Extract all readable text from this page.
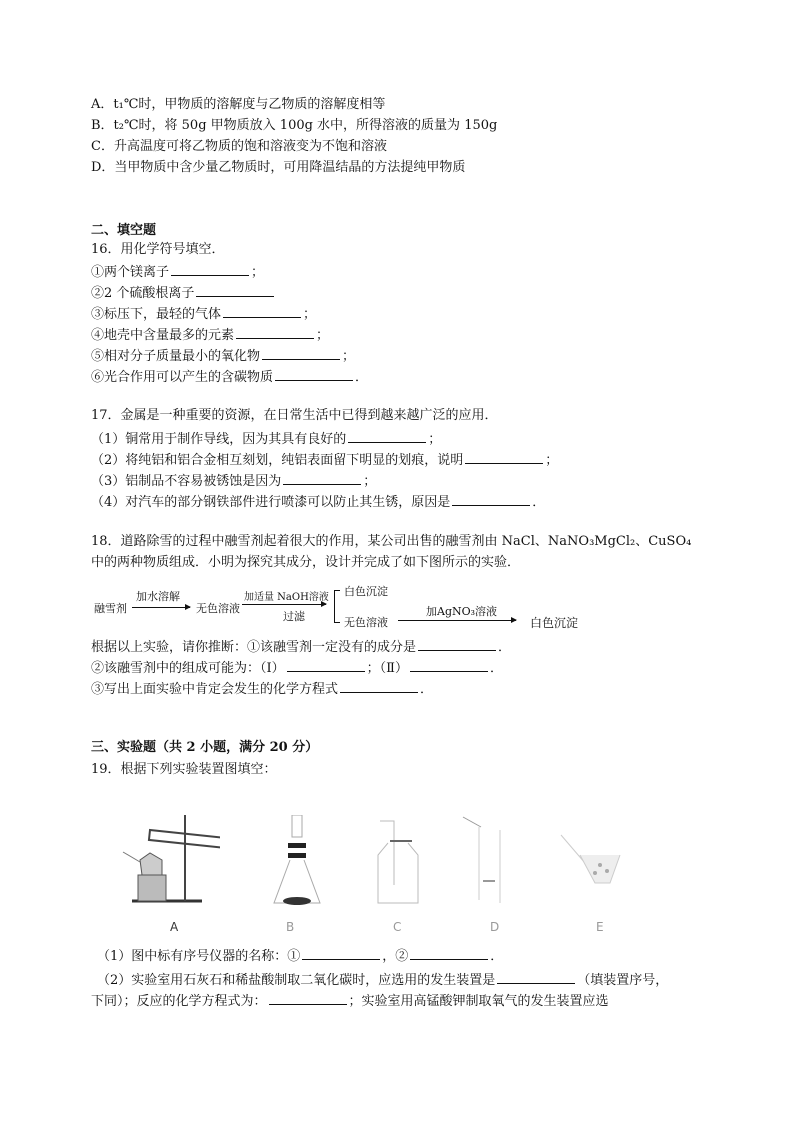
A．t₁℃时，甲物质的溶解度与乙物质的溶解度相等
B．t₂℃时，将 50g 甲物质放入 100g 水中，所得溶液的质量为 150g
C．升高温度可将乙物质的饱和溶液变为不饱和溶液
D．当甲物质中含少量乙物质时，可用降温结晶的方法提纯甲物质
二、填空题
16．用化学符号填空．
①两个镁离子	；
②2 个硫酸根离子
③标压下，最轻的气体	；
④地壳中含量最多的元素	；
⑤相对分子质量最小的氧化物	；
⑥光合作用可以产生的含碳物质	．
17．金属是一种重要的资源，在日常生活中已得到越来越广泛的应用．
（1）铜常用于制作导线，因为其具有良好的	；
（2）将纯铝和铝合金相互刻划，纯铝表面留下明显的划痕，说明	；
（3）铝制品不容易被锈蚀是因为	；
（4）对汽车的部分钢铁部件进行喷漆可以防止其生锈，原因是	．
18．道路除雪的过程中融雪剂起着很大的作用，某公司出售的融雪剂由 NaCl、NaNO₃MgCl₂、CuSO₄
中的两种物质组成．小明为探究其成分，设计并完成了如下图所示的实验．
融雪剂
加水溶解
无色溶液
加适量 NaOH溶液
过滤
白色沉淀
无色溶液
加AgNO₃溶液
白色沉淀
根据以上实验，请你推断：①该融雪剂一定没有的成分是	．
②该融雪剂中的组成可能为：（Ⅰ）	；（Ⅱ）	．
③写出上面实验中肯定会发生的化学方程式	．
三、实验题（共 2 小题，满分 20 分）
19．根据下列实验装置图填空：
A	B	C	D	E
（1）图中标有序号仪器的名称：①	，②	．
（2）实验室用石灰石和稀盐酸制取二氧化碳时，应选用的发生装置是	（填装置序号，
下同）；反应的化学方程式为：	；实验室用高锰酸钾制取氧气的发生装置应选
